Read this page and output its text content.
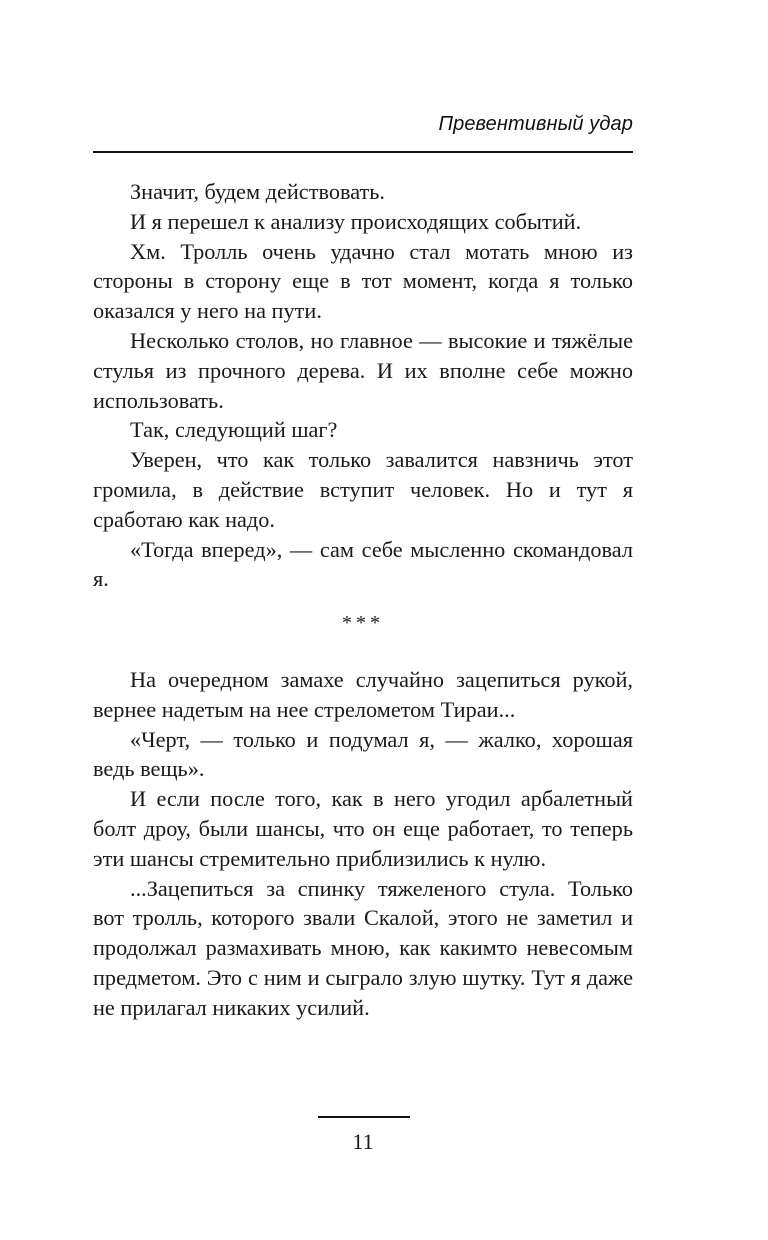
Превентивный удар

Значит, будем действовать.

И я перешел к анализу происходящих событий.

Хм. Тролль очень удачно стал мотать мною из стороны в сторону еще в тот момент, когда я только оказался у него на пути.

Несколько столов, но главное — высокие и тяжёлые стулья из прочного дерева. И их вполне себе можно использовать.

Так, следующий шаг?

Уверен, что как только завалится навзничь этот громила, в действие вступит человек. Но и тут я сработаю как надо.

«Тогда вперед», — сам себе мысленно скомандовал я.

***

На очередном замахе случайно зацепиться рукой, вернее надетым на нее стрелометом Тираи...

«Черт, — только и подумал я, — жалко, хорошая ведь вещь».

И если после того, как в него угодил арбалетный болт дроу, были шансы, что он еще работает, то теперь эти шансы стремительно приблизились к нулю.

...Зацепиться за спинку тяжеленого стула. Только вот тролль, которого звали Скалой, этого не заметил и продолжал размахивать мною, как какимто невесомым предметом. Это с ним и сыграло злую шутку. Тут я даже не прилагал никаких усилий.

11
